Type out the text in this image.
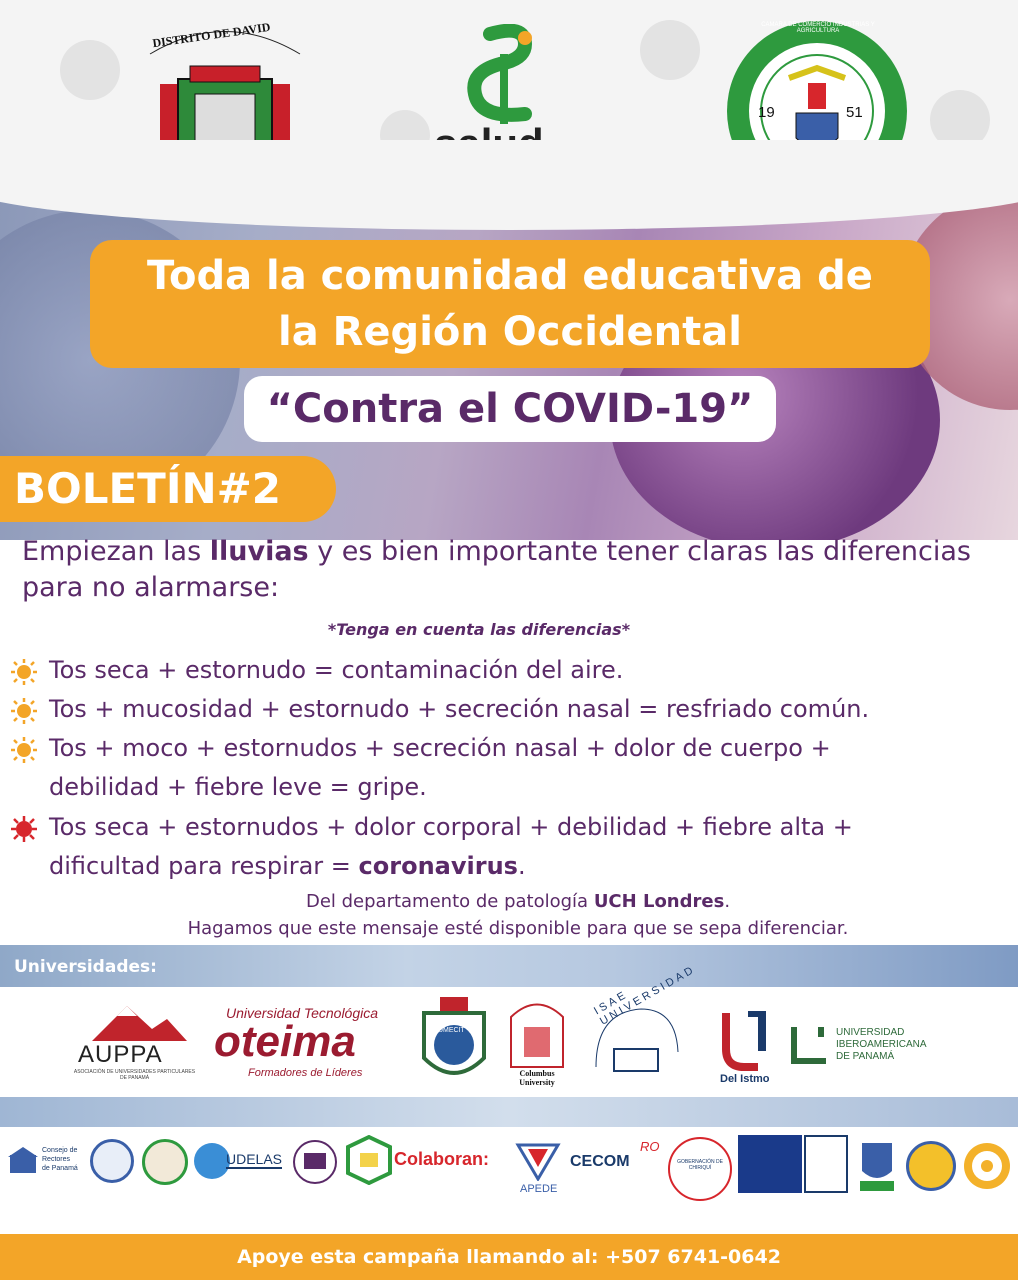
DISTRITO DE DAVID
19	51
CAMARA DE COMERCIO INDUSTRIAS Y AGRICULTURA
Toda la comunidad educativa de
la Región Occidental
“Contra el COVID-19”
BOLETÍN#2
Empiezan las lluvias y es bien importante tener claras las diferencias para no alarmarse:
*Tenga en cuenta las diferencias*
Tos seca + estornudo = contaminación del aire.
Tos + mucosidad + estornudo + secreción nasal = resfriado común.
Tos + moco + estornudos + secreción nasal + dolor de cuerpo +
debilidad + fiebre leve = gripe.
Tos seca + estornudos + dolor corporal + debilidad + fiebre alta +
dificultad para respirar = coronavirus.
Del departamento de patología UCH Londres.
Hagamos que este mensaje esté disponible para que se sepa diferenciar.
Universidades:
AUPPA
ASOCIACIÓN DE UNIVERSIDADES PARTICULARES DE PANAMÁ
Universidad Tecnológica
oteima
Formadores de Líderes
UMECIT
Columbus University
ISAE UNIVERSIDAD
Del Istmo
UNIVERSIDAD
IBEROAMERICANA
DE PANAMÁ
Consejo de
Rectores
de Panamá
UDELAS	Colaboran:
APEDE
CECOM
RO
GOBERNACIÓN DE CHIRIQUÍ
Apoye esta campaña llamando al: +507 6741-0642
